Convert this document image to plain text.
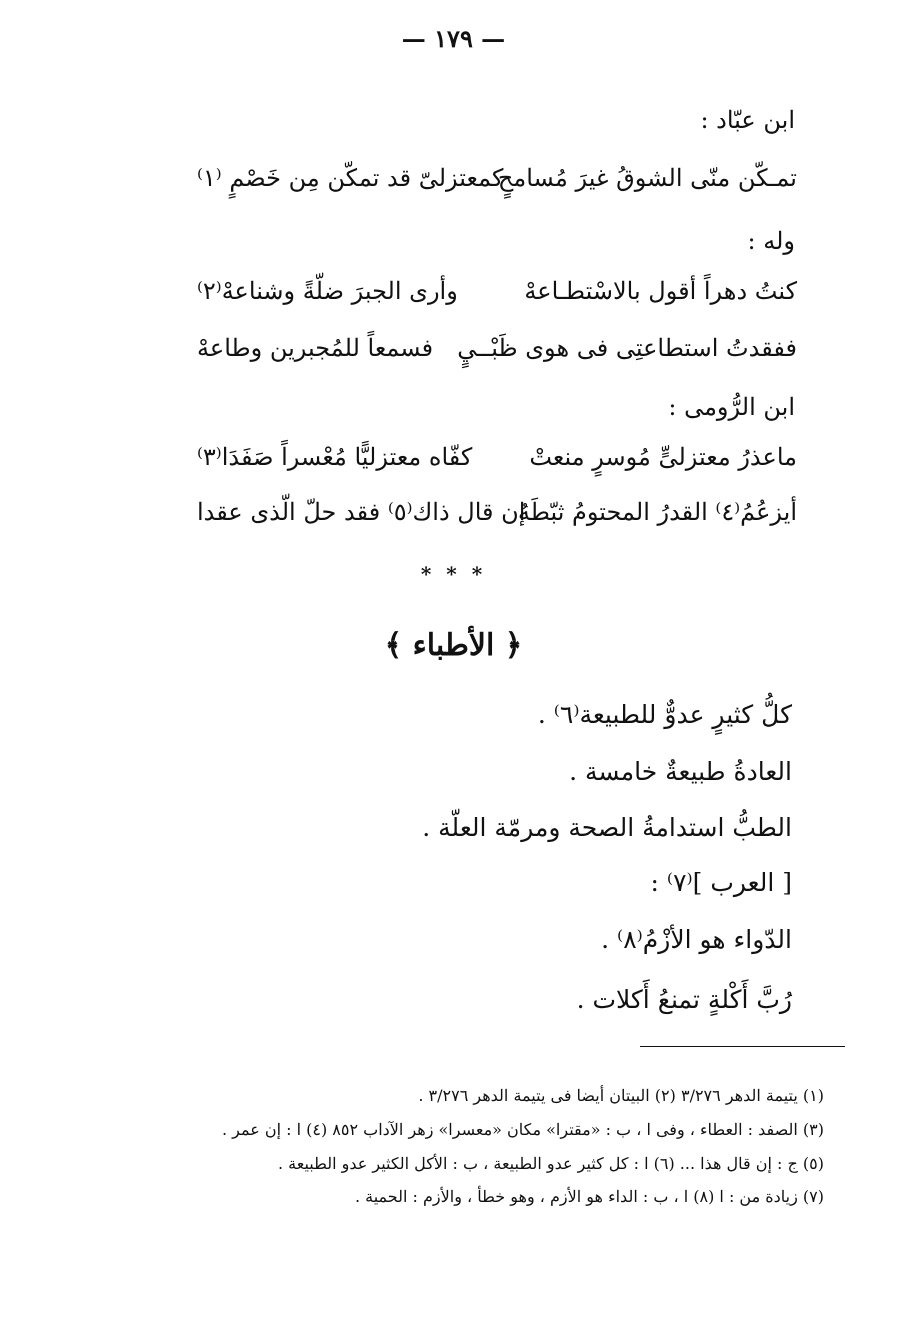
— ١٧٩ —
ابن عبّاد :
تمـكّن منّى الشوقُ غيرَ مُسامحٍ
كمعتزلىّ قد تمكّن مِن خَصْمٍ ⁽١⁾
وله :
كنتُ دهراً أقول بالاسْتطـاعهْ
وأرى الجبرَ ضلّةً وشناعهْ⁽٢⁾
ففقدتُ استطاعتِى فى هوى ظَبْــيٍ
فسمعاً للمُجبرين وطاعهْ
ابن الرُّومى :
ماعذرُ معتزلىٍّ مُوسرٍ منعتْ
كفّاه معتزليًّا مُعْسراً صَفَدَا⁽٣⁾
أيزعُمُ⁽٤⁾ القدرُ المحتومُ ثبّطَهُ
إن قال ذاك⁽٥⁾ فقد حلّ الّذى عقدا
* * *
﴿ الأطباء ﴾
كلُّ كثيرٍ عدوٌّ للطبيعة⁽٦⁾ .
العادةُ طبيعةٌ خامسة .
الطبُّ استدامةُ الصحة ومرمّة العلّة .
[ العرب ]⁽٧⁾ :
الدّواء هو الأزْمُ⁽٨⁾ .
رُبَّ أَكْلةٍ تمنعُ أَكلات .
(١) يتيمة الدهر ٣/٢٧٦ (٢) البيتان أيضا فى يتيمة الدهر ٣/٢٧٦ .
(٣) الصفد : العطاء ، وفى ا ، ب : «مقترا» مكان «معسرا» زهر الآداب ٨٥٢ (٤) ا : إن عمر .
(٥) ج : إن قال هذا ... (٦) ا : كل كثير عدو الطبيعة ، ب : الأكل الكثير عدو الطبيعة .
(٧) زيادة من : ا (٨) ا ، ب : الداء هو الأزم ، وهو خطأ ، والأزم : الحمية .
